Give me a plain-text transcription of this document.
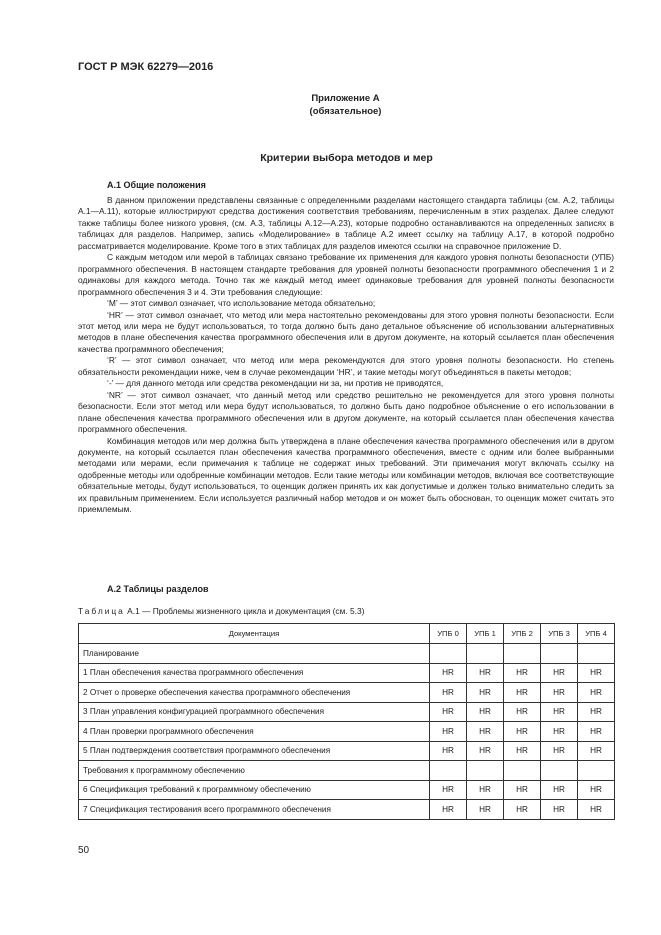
ГОСТ Р МЭК 62279—2016
Приложение А
(обязательное)
Критерии выбора методов и мер
А.1 Общие положения

В данном приложении представлены связанные с определенными разделами настоящего стандарта таблицы (см. А.2, таблицы А.1—А.11), которые иллюстрируют средства достижения соответствия требованиям, перечисленным в этих разделах. Далее следуют также таблицы более низкого уровня, (см. А.3, таблицы А.12—А.23), которые подробно останавливаются на определенных записях в таблицах для разделов. Например, запись «Моделирование» в таблице А.2 имеет ссылку на таблицу А.17, в которой подробно рассматривается моделирование. Кроме того в этих таблицах для разделов имеются ссылки на справочное приложение D.

С каждым методом или мерой в таблицах связано требование их применения для каждого уровня полноты безопасности (УПБ) программного обеспечения. В настоящем стандарте требования для уровней полноты безопасности программного обеспечения 1 и 2 одинаковы для каждого метода. Точно так же каждый метод имеет одинаковые требования для уровней полноты безопасности программного обеспечения 3 и 4. Эти требования следующие:

‘M’ — этот символ означает, что использование метода обязательно;

‘HR’ — этот символ означает, что метод или мера настоятельно рекомендованы для этого уровня полноты безопасности. Если этот метод или мера не будут использоваться, то тогда должно быть дано детальное объяснение об использовании альтернативных методов в плане обеспечения качества программного обеспечения или в другом документе, на который ссылается план обеспечения качества программного обеспечения;

‘R’ — этот символ означает, что метод или мера рекомендуются для этого уровня полноты безопасности. Но степень обязательности рекомендации ниже, чем в случае рекомендации ‘HR’, и такие методы могут объединяться в пакеты методов;

‘-’ — для данного метода или средства рекомендации ни за, ни против не приводятся,

‘NR’ — этот символ означает, что данный метод или средство решительно не рекомендуется для этого уровня полноты безопасности. Если этот метод или мера будут использоваться, то должно быть дано подробное объяснение о его использовании в плане обеспечения качества программного обеспечения или в другом документе, на который ссылается план обеспечения качества программного обеспечения.

Комбинация методов или мер должна быть утверждена в плане обеспечения качества программного обеспечения или в другом документе, на который ссылается план обеспечения качества программного обеспечения, вместе с одним или более выбранными методами или мерами, если примечания к таблице не содержат иных требований. Эти примечания могут включать ссылку на одобренные методы или одобренные комбинации методов. Если такие методы или комбинации методов, включая все соответствующие обязательные методы, будут использоваться, то оценщик должен принять их как допустимые и должен только внимательно следить за их правильным применением. Если используется различный набор методов и он может быть обоснован, то оценщик может считать это приемлемым.

А.2 Таблицы разделов
Таблица А.1 — Проблемы жизненного цикла и документация (см. 5.3)
Документация	УПБ 0	УПБ 1	УПБ 2	УПБ 3	УПБ 4
Планирование					
1 План обеспечения качества программного обеспечения	HR	HR	HR	HR	HR
2 Отчет о проверке обеспечения качества программного обеспечения	HR	HR	HR	HR	HR
3 План управления конфигурацией программного обеспечения	HR	HR	HR	HR	HR
4 План проверки программного обеспечения	HR	HR	HR	HR	HR
5 План подтверждения соответствия программного обеспечения	HR	HR	HR	HR	HR
Требования к программному обеспечению					
6 Спецификация требований к программному обеспечению	HR	HR	HR	HR	HR
7 Спецификация тестирования всего программного обеспечения	HR	HR	HR	HR	HR
50
